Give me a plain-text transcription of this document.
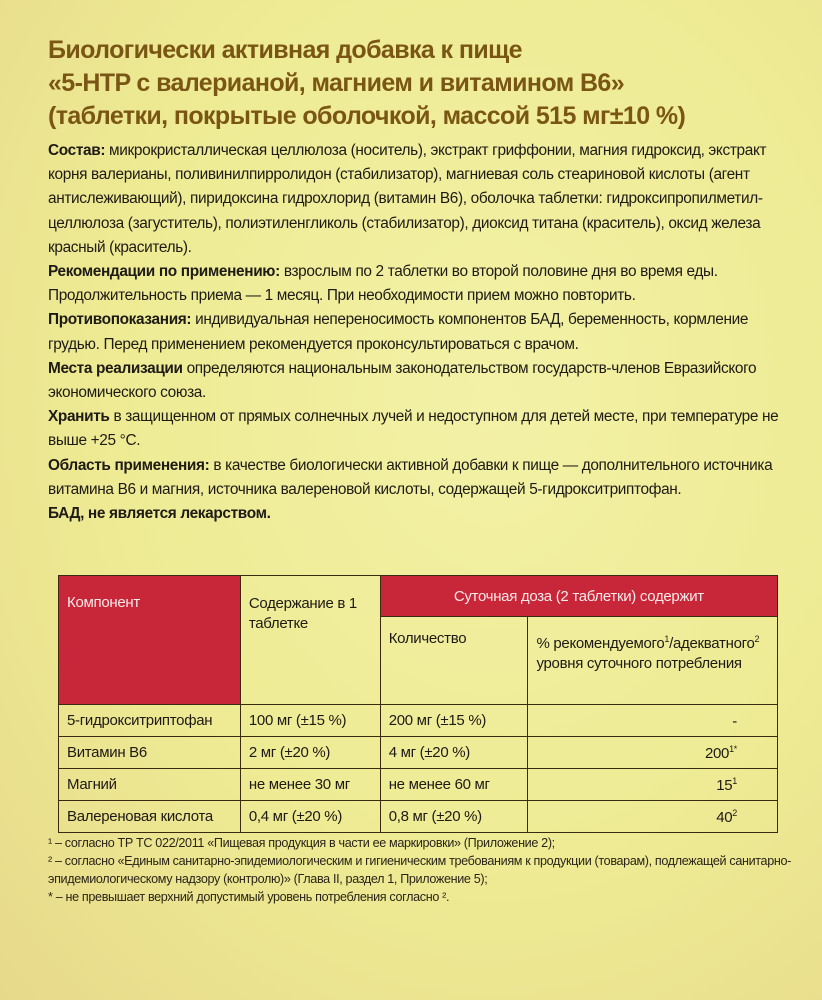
Биологически активная добавка к пище
«5-HTP с валерианой, магнием и витамином В6»
(таблетки, покрытые оболочкой, массой 515 мг±10 %)

Состав: микрокристаллическая целлюлоза (носитель), экстракт гриффонии, магния гидроксид, экстракт корня валерианы, поливинилпирролидон (стабилизатор), магниевая соль стеариновой кислоты (агент антислеживающий), пиридоксина гидрохлорид (витамин В6), оболочка таблетки: гидроксипропилметил-целлюлоза (загуститель), полиэтиленгликоль (стабилизатор), диоксид титана (краситель), оксид железа красный (краситель).

Рекомендации по применению: взрослым по 2 таблетки во второй половине дня во время еды. Продолжительность приема — 1 месяц. При необходимости прием можно повторить.

Противопоказания: индивидуальная непереносимость компонентов БАД, беременность, кормление грудью. Перед применением рекомендуется проконсультироваться с врачом.

Места реализации определяются национальным законодательством государств-членов Евразийского экономического союза.

Хранить в защищенном от прямых солнечных лучей и недоступном для детей месте, при температуре не выше +25 °С.

Область применения: в качестве биологически активной добавки к пище — дополнительного источника витамина В6 и магния, источника валереновой кислоты, содержащей 5-гидрокситриптофан.

БАД, не является лекарством.
Компонент	Содержание в 1 таблетке	Суточная доза (2 таблетки) содержит	
		Количество	% рекомендуемого$^1$/адекватного$^2$ уровня суточного потребления
5-гидрокситриптофан	100 мг (±15 %)	200 мг (±15 %)	-
Витамин В6	2 мг (±20 %)	4 мг (±20 %)	$200^{1*}$
Магний	не менее 30 мг	не менее 60 мг	$15^1$
Валереновая кислота	0,4 мг (±20 %)	0,8 мг (±20 %)	$40^2$
¹ – согласно ТР ТС 022/2011 «Пищевая продукция в части ее маркировки» (Приложение 2);
² – согласно «Единым санитарно-эпидемиологическим и гигиеническим требованиям к продукции (товарам), подлежащей санитарно-
эпидемиологическому надзору (контролю)» (Глава II, раздел 1, Приложение 5);
* – не превышает верхний допустимый уровень потребления согласно ².
